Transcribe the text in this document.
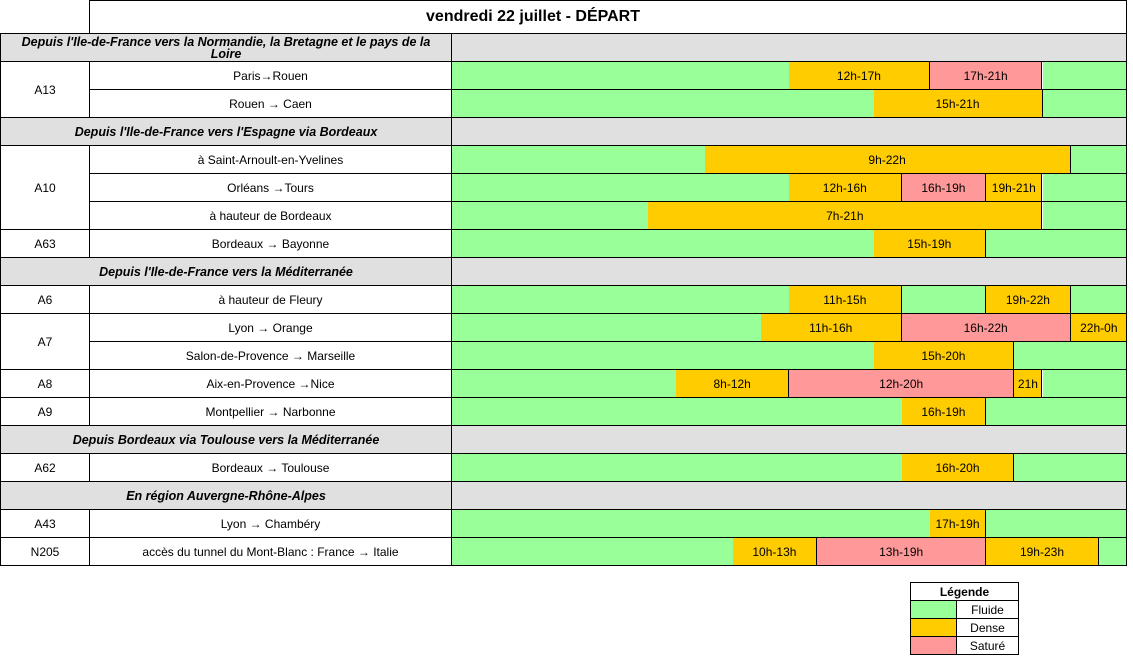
vendredi 22 juillet - DÉPART
Depuis l'Ile-de-France vers la Normandie, la Bretagne et le pays de la Loire
A13
Paris→Rouen	12h-17h	17h-21h
Rouen → Caen	15h-21h
Depuis l'Ile-de-France vers l'Espagne via Bordeaux
A10
à Saint-Arnoult-en-Yvelines	9h-22h
Orléans →Tours	12h-16h	16h-19h	19h-21h
à hauteur de Bordeaux	7h-21h
A63	Bordeaux → Bayonne	15h-19h
Depuis l'Ile-de-France vers la Méditerranée
A6	à hauteur de Fleury	11h-15h	19h-22h
A7
Lyon → Orange	11h-16h	16h-22h	22h-0h
Salon-de-Provence → Marseille	15h-20h
A8	Aix-en-Provence →Nice	8h-12h	12h-20h	21h
A9	Montpellier → Narbonne	16h-19h
Depuis Bordeaux via Toulouse vers la Méditerranée
A62	Bordeaux → Toulouse	16h-20h
En région Auvergne-Rhône-Alpes
A43	Lyon → Chambéry	17h-19h
N205	accès du tunnel du Mont-Blanc : France → Italie	10h-13h	13h-19h	19h-23h
Légende
Fluide
Dense
Saturé
